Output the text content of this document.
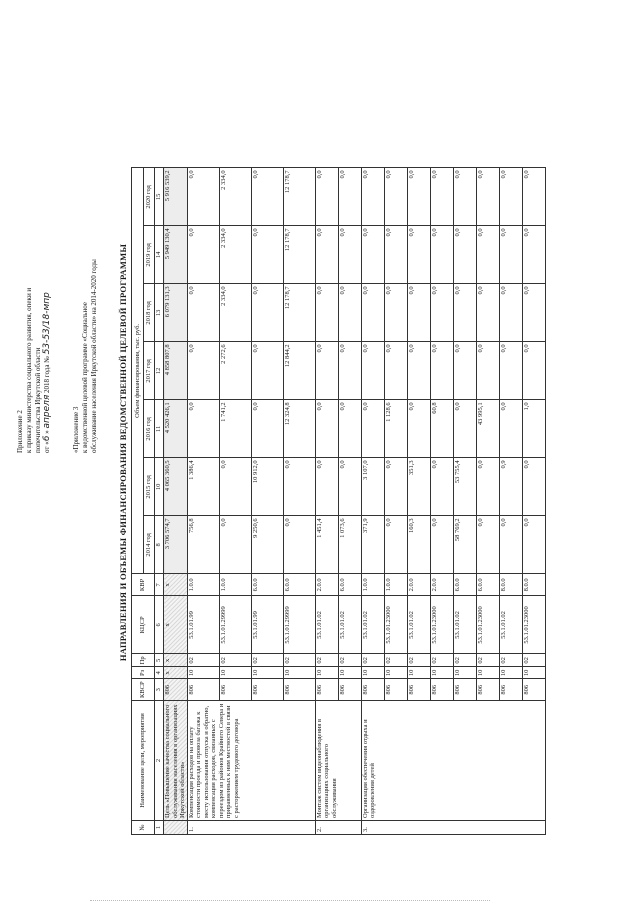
Приложение 2 к приказу министерства социального развития, опеки и попечительства Иркутской области от «6 » апреля 2018 года № 53-53/18-мпр
«Приложение 3 к ведомственной целевой программе «Социальное обслуживание населения Иркутской области» на 2014-2020 годы НАПРАВЛЕНИЯ И ОБЪЕМЫ ФИНАНСИРОВАНИЯ ВЕДОМСТВЕННОЙ ЦЕЛЕВОЙ ПРОГРАММЫ
№	Наименование цели, мероприятия	КВСР	Рз	Пр	КЦСР	КВР	Объем финансирования, тыс. руб.						
							2014 год	2015 год	2016 год	2017 год	2018 год	2019 год	2020 год
1	2	3	4	5	6	7	8	10	11	12	13	14	15
	Цель «Повышение качества социального обслуживания населения в организациях Иркутской области»	806	х	х	х	х	3 706 574,7	4 065 360,5	4 520 426,1	4 858 807,8	6 079 131,3	5 949 130,4	5 916 539,2
1.	Компенсация расходов на оплату стоимости проезда и провоза багажа к месту использования отпуска и обратно, компенсация расходов, связанных с переездом из районов Крайнего Севера и приравненных к ним местностей в связи с расторжением трудового договора	806	10	02	53.1.01.99	1.0.0	756,8	1 386,4	0,0	0,0	0,0	0,0	0,0
		806	10	02	53.1.01.29999	1.0.0	0,0	0,0	1 741,2	2 272,6	2 334,0	2 334,0	2 334,0
		806	10	02	53.1.01.99	6.0.0	9 250,6	10 912,0	0,0	0,0	0,0	0,0	0,0
		806	10	02	53.1.01.29999	6.0.0	0,0	0,0	12 324,8	12 844,2	12 178,7	12 178,7	12 178,7
2.	Монтаж систем видеонаблюдения в организациях социального обслуживания	806	10	02	53.1.01.02	2.0.0	1 451,4	0,0	0,0	0,0	0,0	0,0	0,0
		806	10	02	53.1.01.02	6.0.0	1 073,6	0,0	0,0	0,0	0,0	0,0	0,0
3.	Организация обеспечения отдыха и оздоровления детей	806	10	02	53.1.01.02	1.0.0	371,9	3 107,0	0,0	0,0	0,0	0,0	0,0
		806	10	02	53.1.01.23000	1.0.0	0,0	0,0	1 128,6	0,0	0,0	0,0	0,0
		806	10	02	53.1.01.02	2.0.0	160,3	351,3	0,0	0,0	0,0	0,0	0,0
		806	10	02	53.1.01.23000	2.0.0	0,0	0,0	60,8	0,0	0,0	0,0	0,0
		806	10	02	53.1.01.02	6.0.0	58 769,2	53 755,4	0,0	0,0	0,0	0,0	0,0
		806	10	02	53.1.01.23000	6.0.0	0,0	0,0	43 995,1	0,0	0,0	0,0	0,0
		806	10	02	53.1.01.02	8.0.0	0,0	0,9	0,0	0,0	0,0	0,0	0,0
		806	10	02	53.1.01.23000	8.0.0	0,0	0,0	1,0	0,0	0,0	0,0	0,0
